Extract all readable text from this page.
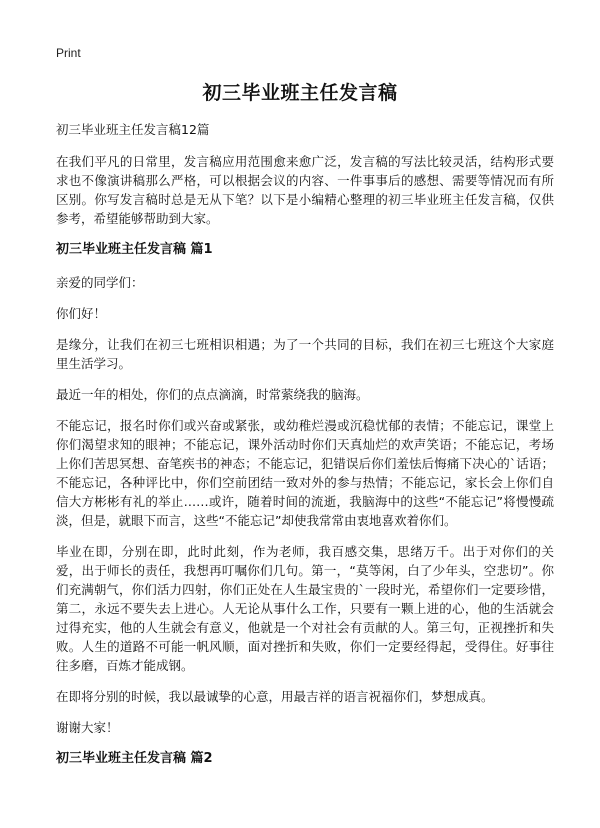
Print
初三毕业班主任发言稿

初三毕业班主任发言稿12篇

在我们平凡的日常里，发言稿应用范围愈来愈广泛，发言稿的写法比较灵活，结构形式要求也不像演讲稿那么严格，可以根据会议的内容、一件事事后的感想、需要等情况而有所区别。你写发言稿时总是无从下笔？以下是小编精心整理的初三毕业班主任发言稿，仅供参考，希望能够帮助到大家。

初三毕业班主任发言稿 篇1

亲爱的同学们：

你们好！

是缘分，让我们在初三七班相识相遇；为了一个共同的目标，我们在初三七班这个大家庭里生活学习。

最近一年的相处，你们的点点滴滴，时常萦绕我的脑海。

不能忘记，报名时你们或兴奋或紧张，或幼稚烂漫或沉稳忧郁的表情；不能忘记，课堂上你们渴望求知的眼神；不能忘记，课外活动时你们天真灿烂的欢声笑语；不能忘记，考场上你们苦思冥想、奋笔疾书的神态；不能忘记，犯错误后你们羞怯后悔痛下决心的`话语；不能忘记，各种评比中，你们空前团结一致对外的参与热情；不能忘记，家长会上你们自信大方彬彬有礼的举止……或许，随着时间的流逝，我脑海中的这些“不能忘记”将慢慢疏淡，但是，就眼下而言，这些“不能忘记”却使我常常由衷地喜欢着你们。

毕业在即，分别在即，此时此刻，作为老师，我百感交集，思绪万千。出于对你们的关爱，出于师长的责任，我想再叮嘱你们几句。第一，“莫等闲，白了少年头，空悲切”。你们充满朝气，你们活力四射，你们正处在人生最宝贵的`一段时光，希望你们一定要珍惜，第二，永远不要失去上进心。人无论从事什么工作，只要有一颗上进的心，他的生活就会过得充实，他的人生就会有意义，他就是一个对社会有贡献的人。第三句，正视挫折和失败。人生的道路不可能一帆风顺，面对挫折和失败，你们一定要经得起，受得住。好事往往多磨，百炼才能成钢。

在即将分别的时候，我以最诚挚的心意，用最吉祥的语言祝福你们，梦想成真。

谢谢大家！

初三毕业班主任发言稿 篇2
